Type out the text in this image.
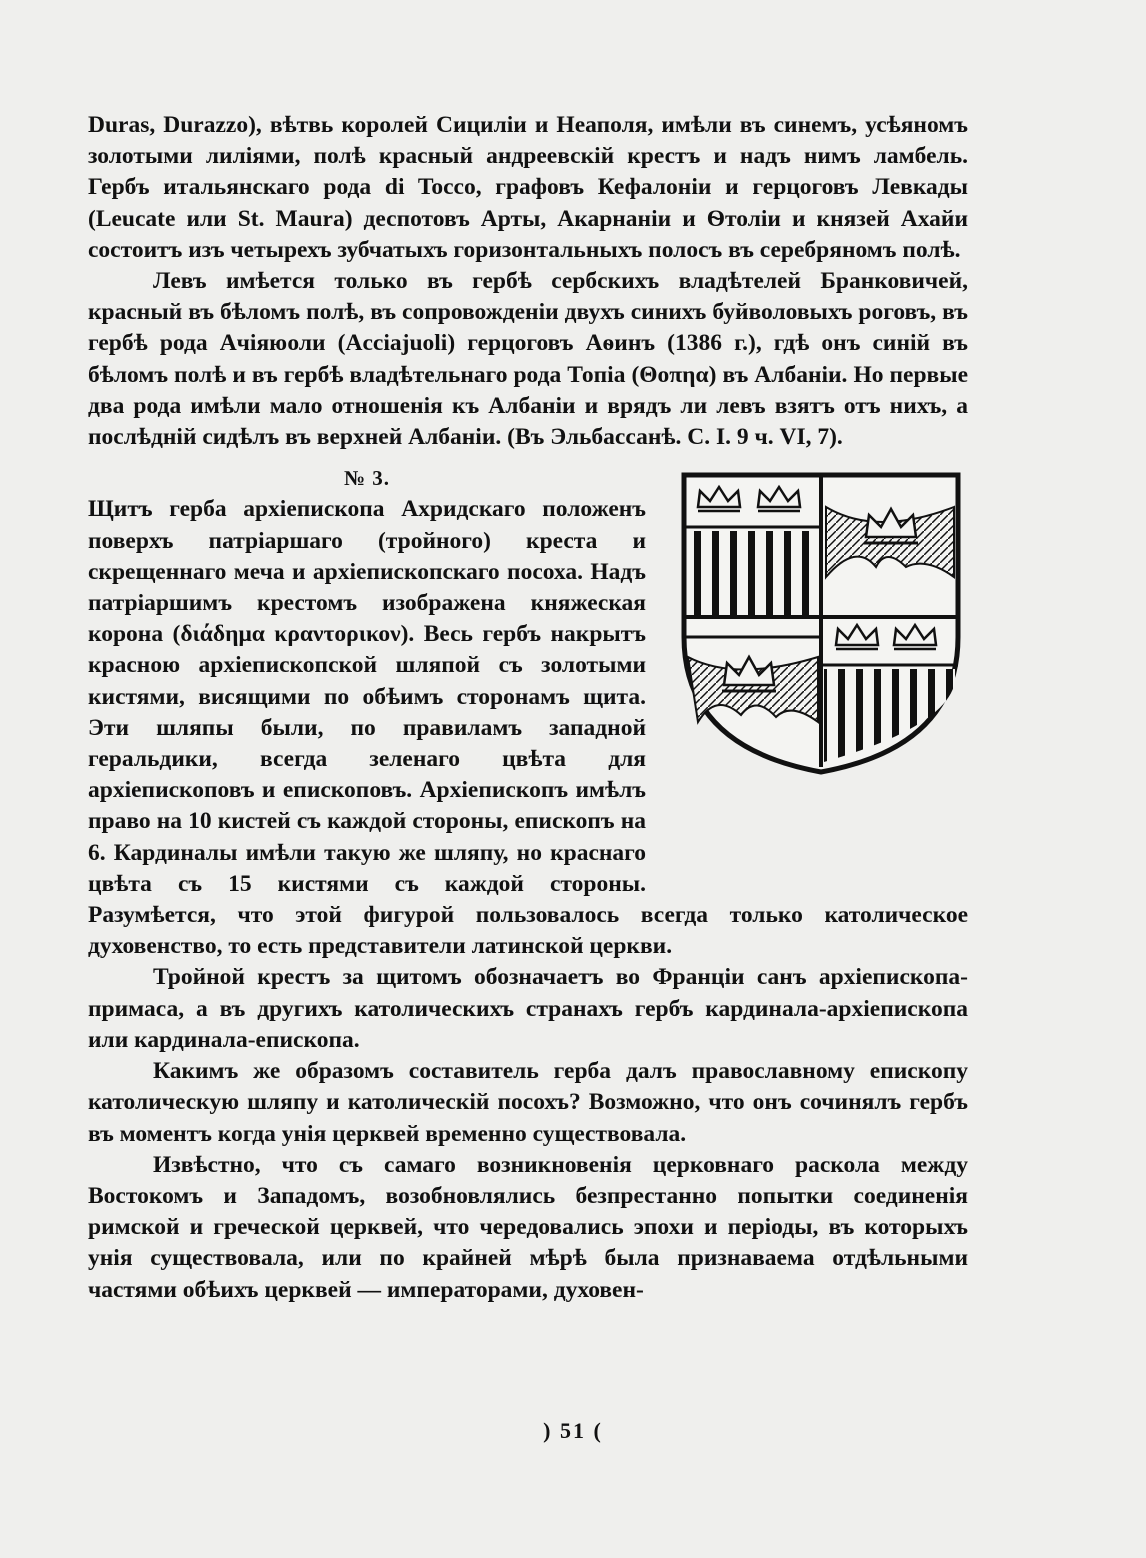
Duras, Durazzo), вѣтвь королей Сициліи и Неаполя, имѣли въ синемъ, усѣяномъ золотыми лиліями, полѣ красный андреевскій крестъ и надъ нимъ ламбель. Гербъ итальянскаго рода di Tocco, графовъ Кефалоніи и герцоговъ Левкады (Leucate или St. Maura) деспотовъ Арты, Акарнаніи и Ѳтоліи и князей Ахайи состоитъ изъ четырехъ зубчатыхъ горизонтальныхъ полосъ въ серебряномъ полѣ.

Левъ имѣется только въ гербѣ сербскихъ владѣтелей Бранковичей, красный въ бѣломъ полѣ, въ сопровожденіи двухъ синихъ буйволовыхъ роговъ, въ гербѣ рода Ачіяюоли (Acciajuoli) герцоговъ Аѳинъ (1386 г.), гдѣ онъ синій въ бѣломъ полѣ и въ гербѣ владѣтельнаго рода Топіа (Θοπηα) въ Албаніи. Но первые два рода имѣли мало отношенія къ Албаніи и врядъ ли левъ взятъ отъ нихъ, а послѣдній сидѣлъ въ верхней Албаніи. (Въ Эльбассанѣ. С. I. 9 ч. VI, 7).

№ 3.
Щитъ герба архіепископа Ахридскаго положенъ поверхъ патріаршаго (тройного) креста и скрещеннаго меча и архіепископскаго посоха. Надъ патріаршимъ крестомъ изображена княжеская корона (διάδημα κραντορικον). Весь гербъ накрытъ красною архіепископской шляпой съ золотыми кистями, висящими по обѣимъ сторонамъ щита. Эти шляпы были, по правиламъ западной геральдики, всегда зеленаго цвѣта для архіепископовъ и епископовъ. Архіепископъ имѣлъ право на 10 кистей съ каждой стороны, епископъ на 6. Кардиналы имѣли такую же шляпу, но краснаго цвѣта съ 15 кистями съ каждой стороны. Разумѣется, что этой фигурой пользовалось всегда только католическое духовенство, то есть представители латинской церкви.

Тройной крестъ за щитомъ обозначаетъ во Франціи санъ архіепископа-примаса, а въ другихъ католическихъ странахъ гербъ кардинала-архіепископа или кардинала-епископа.

Какимъ же образомъ составитель герба далъ православному епископу католическую шляпу и католическій посохъ? Возможно, что онъ сочинялъ гербъ въ моментъ когда унія церквей временно существовала.

Извѣстно, что съ самаго возникновенія церковнаго раскола между Востокомъ и Западомъ, возобновлялись безпрестанно попытки соединенія римской и греческой церквей, что чередовались эпохи и періоды, въ которыхъ унія существовала, или по крайней мѣрѣ была признаваема отдѣльными частями обѣихъ церквей — императорами, духовен-

) 51 (
